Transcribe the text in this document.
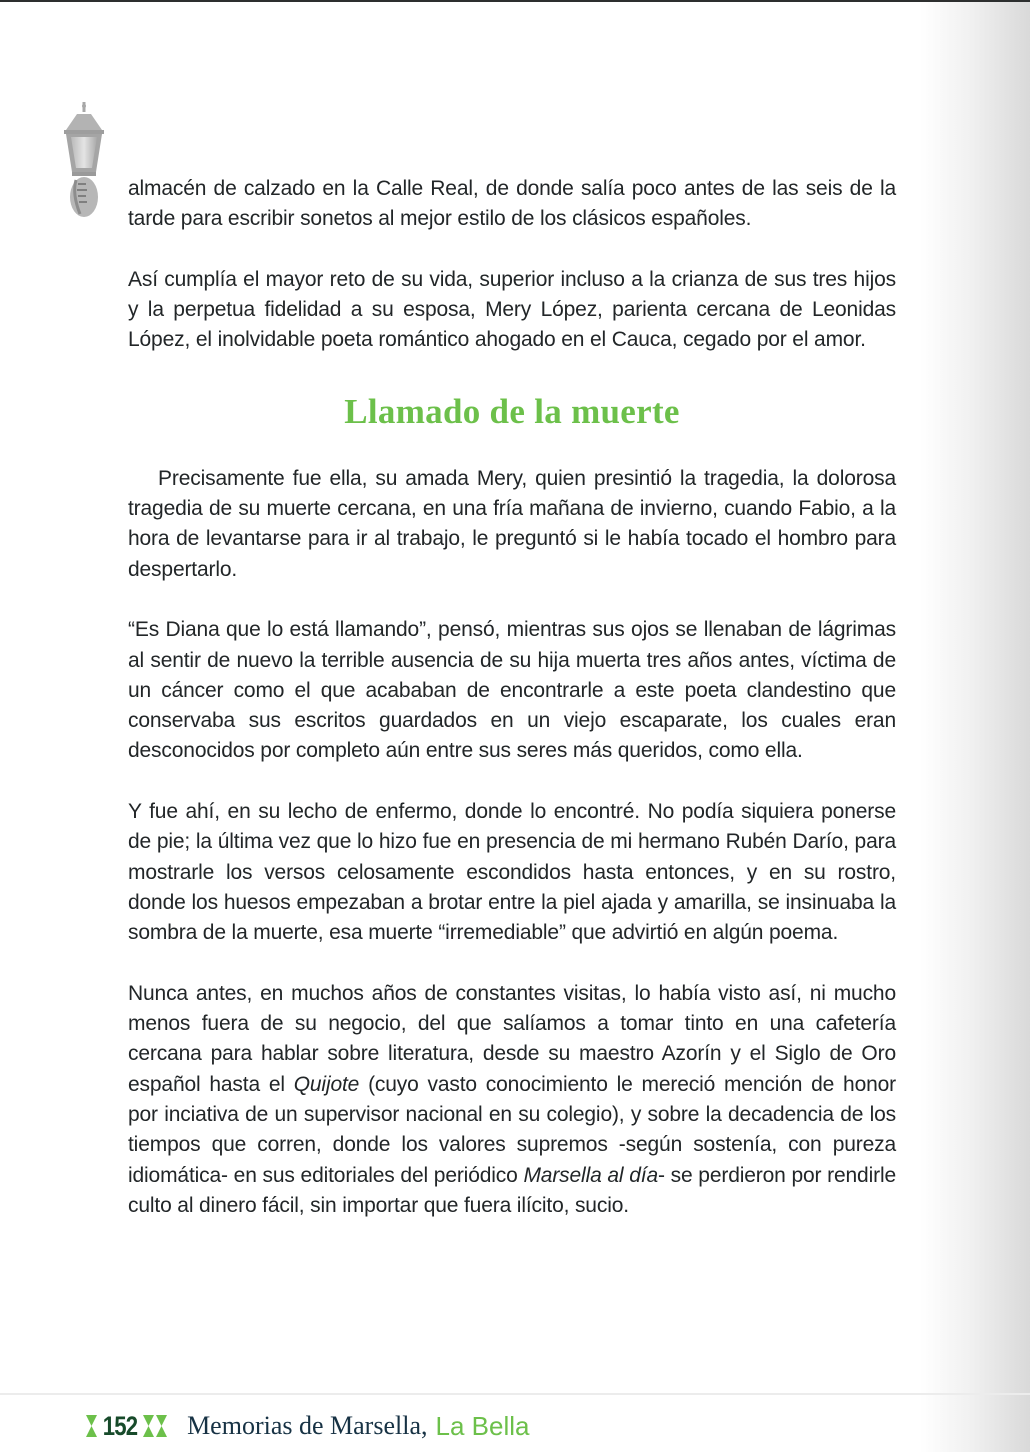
almacén de calzado en la Calle Real, de donde salía poco antes de las seis de la tarde para escribir sonetos al mejor estilo de los clásicos españoles.

Así cumplía el mayor reto de su vida, superior incluso a la crianza de sus tres hijos y la perpetua fidelidad a su esposa, Mery López, parienta cercana de Leonidas López, el inolvidable poeta romántico ahogado en el Cauca, cegado por el amor.

Llamado de la muerte

Precisamente fue ella, su amada Mery, quien presintió la tragedia, la dolorosa tragedia de su muerte cercana, en una fría mañana de invierno, cuando Fabio, a la hora de levantarse para ir al trabajo, le preguntó si le había tocado el hombro para despertarlo.

“Es Diana que lo está llamando”, pensó, mientras sus ojos se llenaban de lágrimas al sentir de nuevo la terrible ausencia de su hija muerta tres años antes, víctima de un cáncer como el que acababan de encontrarle a este poeta clandestino que conservaba sus escritos guardados en un viejo escaparate, los cuales eran desconocidos por completo aún entre sus seres más queridos, como ella.

Y fue ahí, en su lecho de enfermo, donde lo encontré. No podía siquiera ponerse de pie; la última vez que lo hizo fue en presencia de mi hermano Rubén Darío, para mostrarle los versos celosamente escondidos hasta entonces, y en su rostro, donde los huesos empezaban a brotar entre la piel ajada y amarilla, se insinuaba la sombra de la muerte, esa muerte “irremediable” que advirtió en algún poema.

Nunca antes, en muchos años de constantes visitas, lo había visto así, ni mucho menos fuera de su negocio, del que salíamos a tomar tinto en una cafetería cercana para hablar sobre literatura, desde su maestro Azorín y el Siglo de Oro español hasta el Quijote (cuyo vasto conocimiento le mereció mención de honor por inciativa de un supervisor nacional en su colegio), y sobre la decadencia de los tiempos que corren, donde los valores supremos -según sostenía, con pureza idiomática- en sus editoriales del periódico Marsella al día- se perdieron por rendirle culto al dinero fácil, sin importar que fuera ilícito, sucio.

152 Memorias de Marsella, La Bella
